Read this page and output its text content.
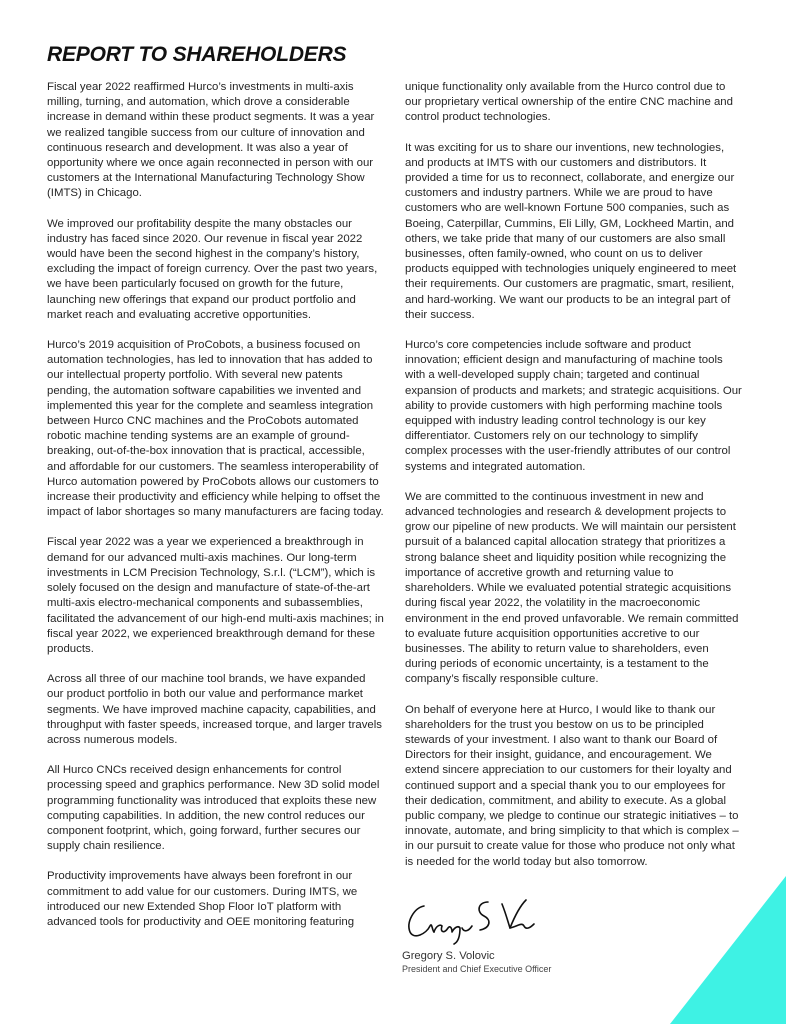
REPORT TO SHAREHOLDERS

Fiscal year 2022 reaffirmed Hurco’s investments in multi-axis milling, turning, and automation, which drove a considerable increase in demand within these product segments. It was a year we realized tangible success from our culture of innovation and continuous research and development. It was also a year of opportunity where we once again reconnected in person with our customers at the International Manufacturing Technology Show (IMTS) in Chicago.

We improved our profitability despite the many obstacles our industry has faced since 2020. Our revenue in fiscal year 2022 would have been the second highest in the company’s history, excluding the impact of foreign currency. Over the past two years, we have been particularly focused on growth for the future, launching new offerings that expand our product portfolio and market reach and evaluating accretive opportunities.

Hurco’s 2019 acquisition of ProCobots, a business focused on automation technologies, has led to innovation that has added to our intellectual property portfolio. With several new patents pending, the automation software capabilities we invented and implemented this year for the complete and seamless integration between Hurco CNC machines and the ProCobots automated robotic machine tending systems are an example of ground-breaking, out-of-the-box innovation that is practical, accessible, and affordable for our customers. The seamless interoperability of Hurco automation powered by ProCobots allows our customers to increase their productivity and efficiency while helping to offset the impact of labor shortages so many manufacturers are facing today.

Fiscal year 2022 was a year we experienced a breakthrough in demand for our advanced multi-axis machines. Our long-term investments in LCM Precision Technology, S.r.l. (“LCM”), which is solely focused on the design and manufacture of state-of-the-art multi-axis electro-mechanical components and subassemblies, facilitated the advancement of our high-end multi-axis machines; in fiscal year 2022, we experienced breakthrough demand for these products.

Across all three of our machine tool brands, we have expanded our product portfolio in both our value and performance market segments. We have improved machine capacity, capabilities, and throughput with faster speeds, increased torque, and larger travels across numerous models.

All Hurco CNCs received design enhancements for control processing speed and graphics performance. New 3D solid model programming functionality was introduced that exploits these new computing capabilities. In addition, the new control reduces our component footprint, which, going forward, further secures our supply chain resilience.

Productivity improvements have always been forefront in our commitment to add value for our customers. During IMTS, we introduced our new Extended Shop Floor IoT platform with advanced tools for productivity and OEE monitoring featuring

unique functionality only available from the Hurco control due to our proprietary vertical ownership of the entire CNC machine and control product technologies.

It was exciting for us to share our inventions, new technologies, and products at IMTS with our customers and distributors. It provided a time for us to reconnect, collaborate, and energize our customers and industry partners. While we are proud to have customers who are well-known Fortune 500 companies, such as Boeing, Caterpillar, Cummins, Eli Lilly, GM, Lockheed Martin, and others, we take pride that many of our customers are also small businesses, often family-owned, who count on us to deliver products equipped with technologies uniquely engineered to meet their requirements. Our customers are pragmatic, smart, resilient, and hard-working. We want our products to be an integral part of their success.

Hurco’s core competencies include software and product innovation; efficient design and manufacturing of machine tools with a well-developed supply chain; targeted and continual expansion of products and markets; and strategic acquisitions. Our ability to provide customers with high performing machine tools equipped with industry leading control technology is our key differentiator. Customers rely on our technology to simplify complex processes with the user-friendly attributes of our control systems and integrated automation.

We are committed to the continuous investment in new and advanced technologies and research & development projects to grow our pipeline of new products. We will maintain our persistent pursuit of a balanced capital allocation strategy that prioritizes a strong balance sheet and liquidity position while recognizing the importance of accretive growth and returning value to shareholders. While we evaluated potential strategic acquisitions during fiscal year 2022, the volatility in the macroeconomic environment in the end proved unfavorable. We remain committed to evaluate future acquisition opportunities accretive to our businesses. The ability to return value to shareholders, even during periods of economic uncertainty, is a testament to the company’s fiscally responsible culture.

On behalf of everyone here at Hurco, I would like to thank our shareholders for the trust you bestow on us to be principled stewards of your investment. I also want to thank our Board of Directors for their insight, guidance, and encouragement. We extend sincere appreciation to our customers for their loyalty and continued support and a special thank you to our employees for their dedication, commitment, and ability to execute. As a global public company, we pledge to continue our strategic initiatives – to innovate, automate, and bring simplicity to that which is complex – in our pursuit to create value for those who produce not only what is needed for the world today but also tomorrow.

Gregory S. Volovic
President and Chief Executive Officer
